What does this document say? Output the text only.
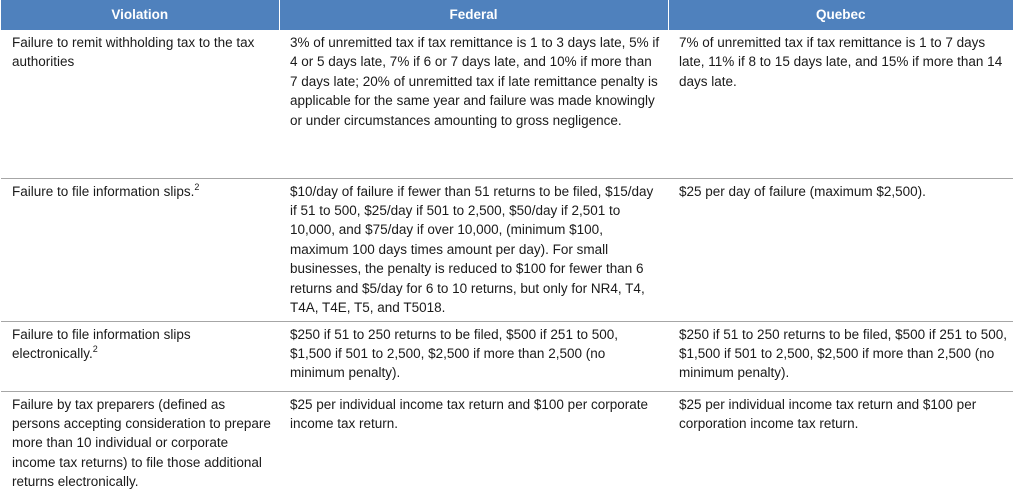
Violation	Federal	Quebec
Failure to remit withholding tax to the tax authorities	3% of unremitted tax if tax remittance is 1 to 3 days late, 5% if 4 or 5 days late, 7% if 6 or 7 days late, and 10% if more than 7 days late; 20% of unremitted tax if late remittance penalty is applicable for the same year and failure was made knowingly or under circumstances amounting to gross negligence.	7% of unremitted tax if tax remittance is 1 to 7 days late, 11% if 8 to 15 days late, and 15% if more than 14 days late.
Failure to file information slips.$^2$	$10/day of failure if fewer than 51 returns to be filed, $15/day if 51 to 500, $25/day if 501 to 2,500, $50/day if 2,501 to 10,000, and $75/day if over 10,000, (minimum $100, maximum 100 days times amount per day). For small businesses, the penalty is reduced to $100 for fewer than 6 returns and $5/day for 6 to 10 returns, but only for NR4, T4, T4A, T4E, T5, and T5018.	$25 per day of failure (maximum $2,500).
Failure to file information slips electronically.$^2$	$250 if 51 to 250 returns to be filed, $500 if 251 to 500, $1,500 if 501 to 2,500, $2,500 if more than 2,500 (no minimum penalty).	$250 if 51 to 250 returns to be filed, $500 if 251 to 500, $1,500 if 501 to 2,500, $2,500 if more than 2,500 (no minimum penalty).
Failure by tax preparers (defined as persons accepting consideration to prepare more than 10 individual or corporate income tax returns) to file those additional returns electronically.	$25 per individual income tax return and $100 per corporate income tax return.	$25 per individual income tax return and $100 per corporation income tax return.
